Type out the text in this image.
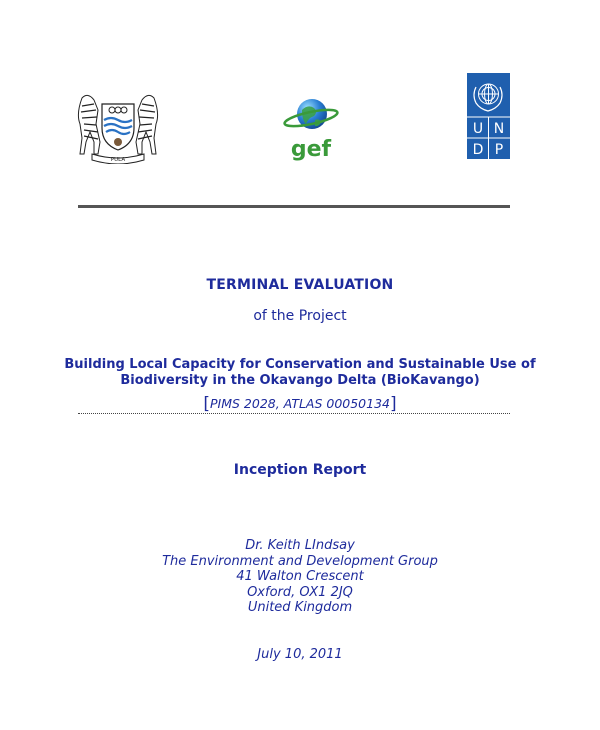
PULA	gef
U N
D P
TERMINAL EVALUATION
of the Project
Building Local Capacity for Conservation and Sustainable Use of
Biodiversity in the Okavango Delta (BioKavango)
[PIMS 2028, ATLAS 00050134]
Inception Report
Dr. Keith LIndsay
The Environment and Development Group
41 Walton Crescent
Oxford, OX1 2JQ
United Kingdom
July 10, 2011
